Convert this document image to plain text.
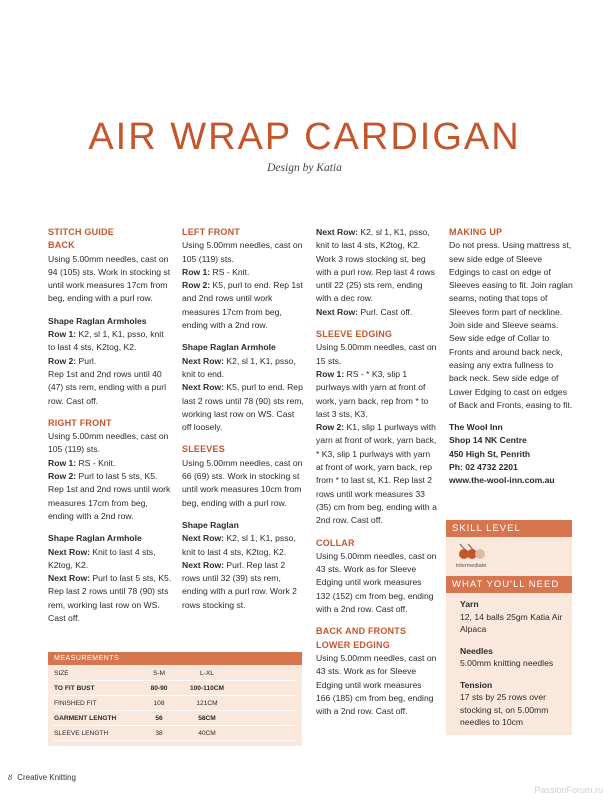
AIR WRAP CARDIGAN
Design by Katia

STITCH GUIDE

BACK

Using 5.00mm needles, cast on 94 (105) sts. Work in stocking st until work measures 17cm from beg, ending with a purl row.

Shape Raglan Armholes

Row 1: K2, sl 1, K1, psso, knit to last 4 sts, K2tog, K2.

Row 2: Purl.

Rep 1st and 2nd rows until 40 (47) sts rem, ending with a purl row. Cast off.

RIGHT FRONT

Using 5.00mm needles, cast on 105 (119) sts.

Row 1: RS - Knit.

Row 2: Purl to last 5 sts, K5. Rep 1st and 2nd rows until work measures 17cm from beg, ending with a 2nd row.

Shape Raglan Armhole

Next Row: Knit to last 4 sts, K2tog, K2.

Next Row: Purl to last 5 sts, K5. Rep last 2 rows until 78 (90) sts rem, working last row on WS. Cast off.

LEFT FRONT

Using 5.00mm needles, cast on 105 (119) sts.

Row 1: RS - Knit.

Row 2: K5, purl to end. Rep 1st and 2nd rows until work measures 17cm from beg, ending with a 2nd row.

Shape Raglan Armhole

Next Row: K2, sl 1, K1, psso, knit to end.

Next Row: K5, purl to end. Rep last 2 rows until 78 (90) sts rem, working last row on WS. Cast off loosely.

SLEEVES

Using 5.00mm needles, cast on 66 (69) sts. Work in stocking st until work measures 10cm from beg, ending with a purl row.

Shape Raglan

Next Row: K2, sl 1, K1, psso, knit to last 4 sts, K2tog, K2.

Next Row: Purl. Rep last 2 rows until 32 (39) sts rem, ending with a purl row. Work 2 rows stocking st.

Next Row: K2, sl 1, K1, psso, knit to last 4 sts, K2tog, K2. Work 3 rows stocking st, beg with a purl row. Rep last 4 rows until 22 (25) sts rem, ending with a dec row.

Next Row: Purl. Cast off.

SLEEVE EDGING

Using 5.00mm needles, cast on 15 sts.

Row 1: RS - * K3, slip 1 purlways with yarn at front of work, yarn back, rep from * to last 3 sts, K3.

Row 2: K1, slip 1 purlways with yarn at front of work, yarn back, * K3, slip 1 purlways with yarn at front of work, yarn back, rep from * to last st, K1. Rep last 2 rows until work measures 33 (35) cm from beg, ending with a 2nd row. Cast off.

COLLAR

Using 5.00mm needles, cast on 43 sts. Work as for Sleeve Edging until work measures 132 (152) cm from beg, ending with a 2nd row. Cast off.

BACK AND FRONTS

LOWER EDGING

Using 5.00mm needles, cast on 43 sts. Work as for Sleeve Edging until work measures 166 (185) cm from beg, ending with a 2nd row. Cast off.

MAKING UP

Do not press. Using mattress st, sew side edge of Sleeve Edgings to cast on edge of Sleeves easing to fit. Join raglan seams, noting that tops of Sleeves form part of neckline. Join side and Sleeve seams. Sew side edge of Collar to Fronts and around back neck, easing any extra fullness to back neck. Sew side edge of Lower Edging to cast on edges of Back and Fronts, easing to fit.

The Wool Inn

Shop 14 NK Centre

450 High St, Penrith

Ph: 02 4732 2201

www.the-wool-inn.com.au

SKILL LEVEL
intermediate
WHAT YOU'LL NEED

Yarn

12, 14 balls 25gm Katia Air Alpaca

Needles

5.00mm knitting needles

Tension

17 sts by 25 rows over stocking st, on 5.00mm needles to 10cm

MEASUREMENTS
SIZE	S-M	L-XL
TO FIT BUST	80-90	100-110CM
FINISHED FIT	108	121CM
GARMENT LENGTH	56	58CM
SLEEVE LENGTH	38	40CM
8 Creative Knitting
PassionForum.ru
